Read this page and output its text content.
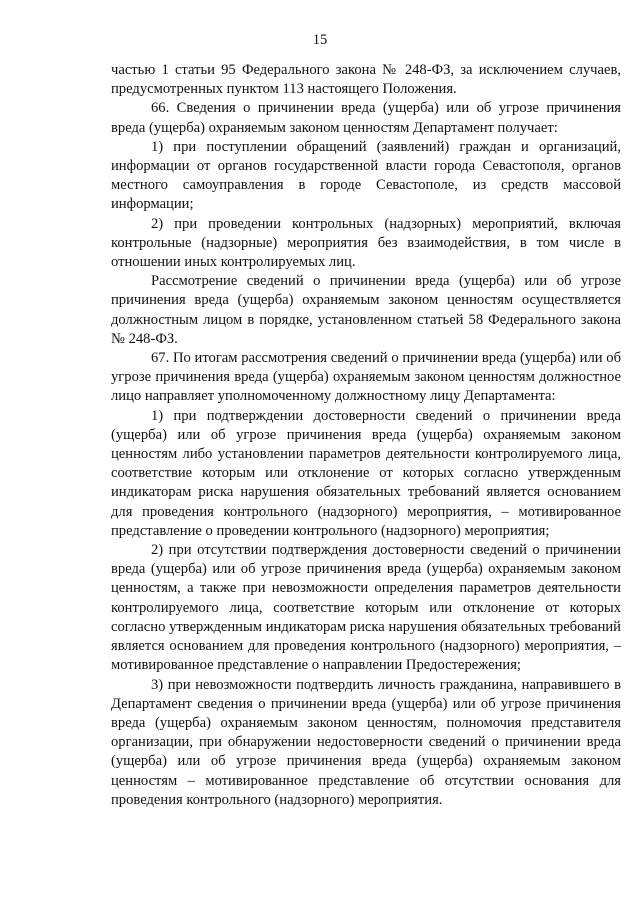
15

частью 1 статьи 95 Федерального закона № 248-ФЗ, за исключением случаев, предусмотренных пунктом 113 настоящего Положения.

66. Сведения о причинении вреда (ущерба) или об угрозе причинения вреда (ущерба) охраняемым законом ценностям Департамент получает:

1) при поступлении обращений (заявлений) граждан и организаций, информации от органов государственной власти города Севастополя, органов местного самоуправления в городе Севастополе, из средств массовой информации;

2) при проведении контрольных (надзорных) мероприятий, включая контрольные (надзорные) мероприятия без взаимодействия, в том числе в отношении иных контролируемых лиц.

Рассмотрение сведений о причинении вреда (ущерба) или об угрозе причинения вреда (ущерба) охраняемым законом ценностям осуществляется должностным лицом в порядке, установленном статьей 58 Федерального закона № 248-ФЗ.

67. По итогам рассмотрения сведений о причинении вреда (ущерба) или об угрозе причинения вреда (ущерба) охраняемым законом ценностям должностное лицо направляет уполномоченному должностному лицу Департамента:

1) при подтверждении достоверности сведений о причинении вреда (ущерба) или об угрозе причинения вреда (ущерба) охраняемым законом ценностям либо установлении параметров деятельности контролируемого лица, соответствие которым или отклонение от которых согласно утвержденным индикаторам риска нарушения обязательных требований является основанием для проведения контрольного (надзорного) мероприятия, – мотивированное представление о проведении контрольного (надзорного) мероприятия;

2) при отсутствии подтверждения достоверности сведений о причинении вреда (ущерба) или об угрозе причинения вреда (ущерба) охраняемым законом ценностям, а также при невозможности определения параметров деятельности контролируемого лица, соответствие которым или отклонение от которых согласно утвержденным индикаторам риска нарушения обязательных требований является основанием для проведения контрольного (надзорного) мероприятия, – мотивированное представление о направлении Предостережения;

3) при невозможности подтвердить личность гражданина, направившего в Департамент сведения о причинении вреда (ущерба) или об угрозе причинения вреда (ущерба) охраняемым законом ценностям, полномочия представителя организации, при обнаружении недостоверности сведений о причинении вреда (ущерба) или об угрозе причинения вреда (ущерба) охраняемым законом ценностям – мотивированное представление об отсутствии основания для проведения контрольного (надзорного) мероприятия.
